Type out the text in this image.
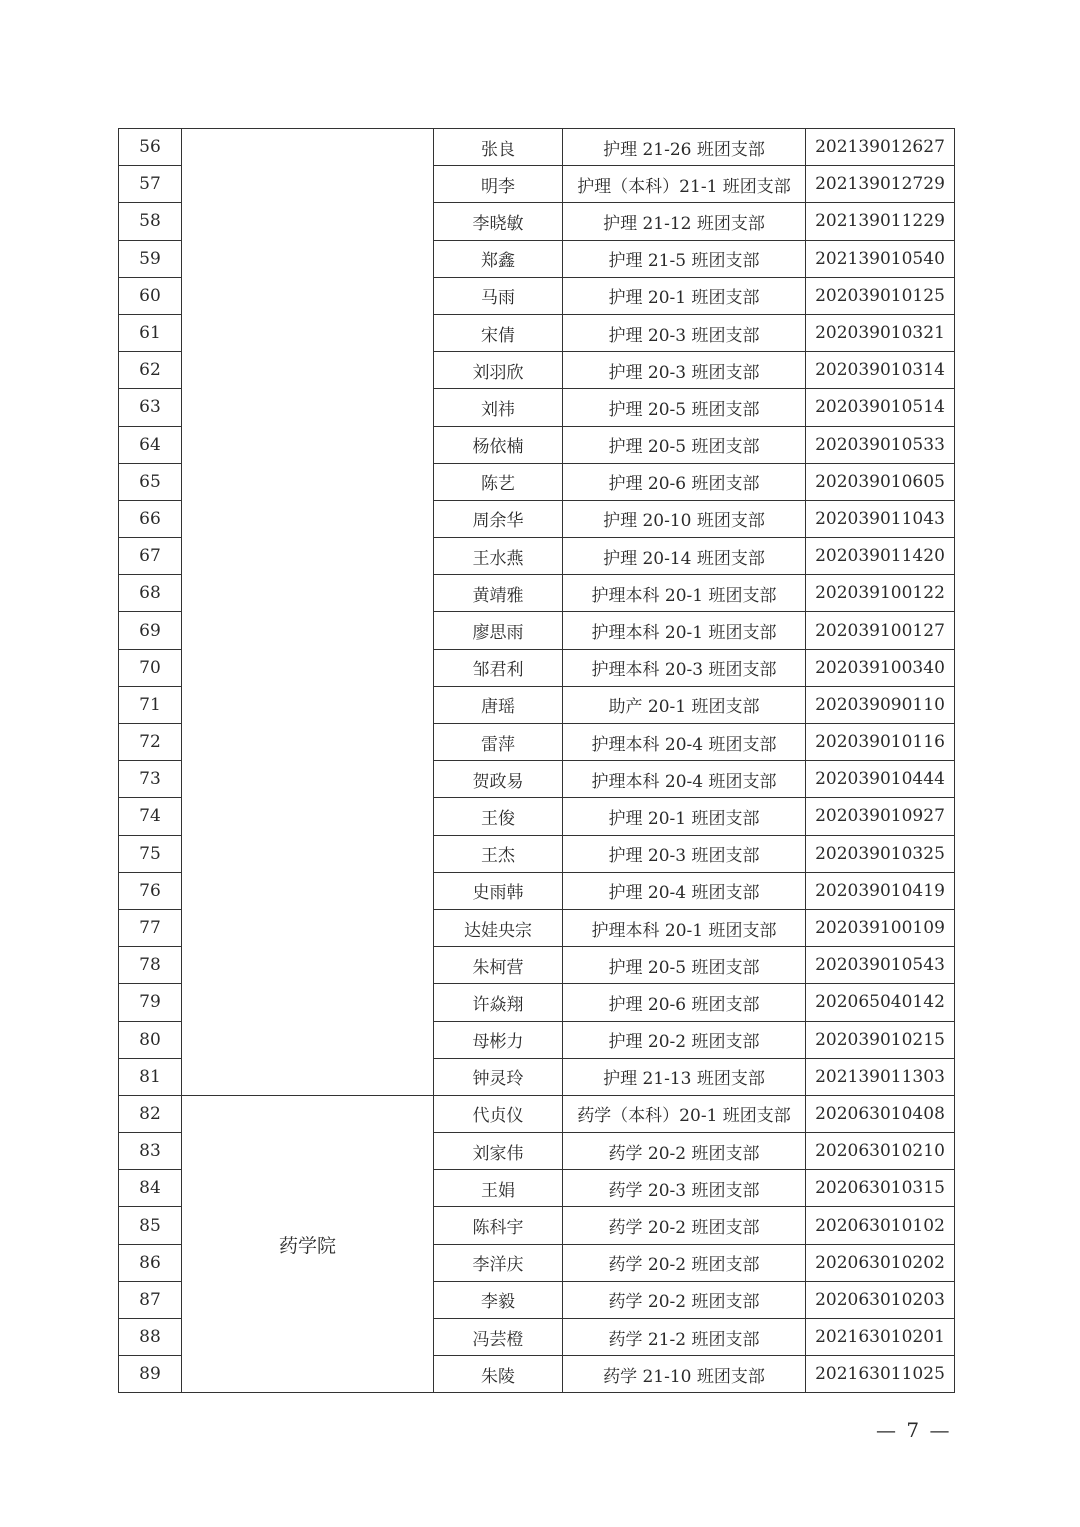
56		张良	护理 21-26 班团支部	202139012627
57		明李	护理（本科）21-1 班团支部	202139012729
58		李晓敏	护理 21-12 班团支部	202139011229
59		郑鑫	护理 21-5 班团支部	202139010540
60		马雨	护理 20-1 班团支部	202039010125
61		宋倩	护理 20-3 班团支部	202039010321
62		刘羽欣	护理 20-3 班团支部	202039010314
63		刘祎	护理 20-5 班团支部	202039010514
64		杨依楠	护理 20-5 班团支部	202039010533
65		陈艺	护理 20-6 班团支部	202039010605
66		周余华	护理 20-10 班团支部	202039011043
67		王水燕	护理 20-14 班团支部	202039011420
68		黄靖雅	护理本科 20-1 班团支部	202039100122
69		廖思雨	护理本科 20-1 班团支部	202039100127
70		邹君利	护理本科 20-3 班团支部	202039100340
71		唐瑶	助产 20-1 班团支部	202039090110
72		雷萍	护理本科 20-4 班团支部	202039010116
73		贺政易	护理本科 20-4 班团支部	202039010444
74		王俊	护理 20-1 班团支部	202039010927
75		王杰	护理 20-3 班团支部	202039010325
76		史雨韩	护理 20-4 班团支部	202039010419
77		达娃央宗	护理本科 20-1 班团支部	202039100109
78		朱柯营	护理 20-5 班团支部	202039010543
79		许焱翔	护理 20-6 班团支部	202065040142
80		母彬力	护理 20-2 班团支部	202039010215
81		钟灵玲	护理 21-13 班团支部	202139011303
82	药学院	代贞仪	药学（本科）20-1 班团支部	202063010408
83		刘家伟	药学 20-2 班团支部	202063010210
84		王娟	药学 20-3 班团支部	202063010315
85		陈科宇	药学 20-2 班团支部	202063010102
86		李洋庆	药学 20-2 班团支部	202063010202
87		李毅	药学 20-2 班团支部	202063010203
88		冯芸橙	药学 21-2 班团支部	202163010201
89		朱陵	药学 21-10 班团支部	202163011025
— 7 —
